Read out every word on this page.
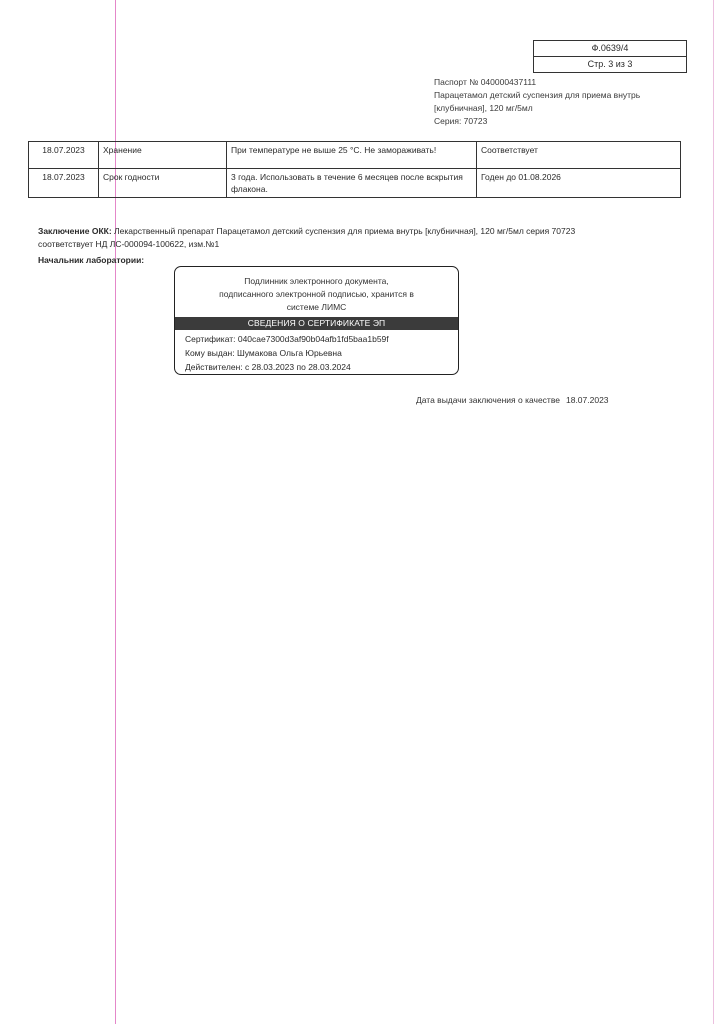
Ф.0639/4
Стр. 3 из 3
Паспорт № 040000437111
Парацетамол детский суспензия для приема внутрь
[клубничная], 120 мг/5мл
Серия: 70723
18.07.2023	Хранение	При температуре не выше 25 °С. Не замораживать!	Соответствует
18.07.2023	Срок годности	3 года. Использовать в течение 6 месяцев после вскрытия флакона.	Годен до 01.08.2026
Заключение ОКК: Лекарственный препарат Парацетамол детский суспензия для приема внутрь [клубничная], 120 мг/5мл серия 70723 соответствует НД ЛС-000094-100622, изм.№1
Начальник лаборатории:
Подлинник электронного документа,
подписанного электронной подписью, хранится в
системе ЛИМС
СВЕДЕНИЯ О СЕРТИФИКАТЕ ЭП
Сертификат: 040cae7300d3af90b04afb1fd5baa1b59f
Кому выдан: Шумакова Ольга Юрьевна
Действителен: с 28.03.2023 по 28.03.2024
Дата выдачи заключения о качестве 18.07.2023
